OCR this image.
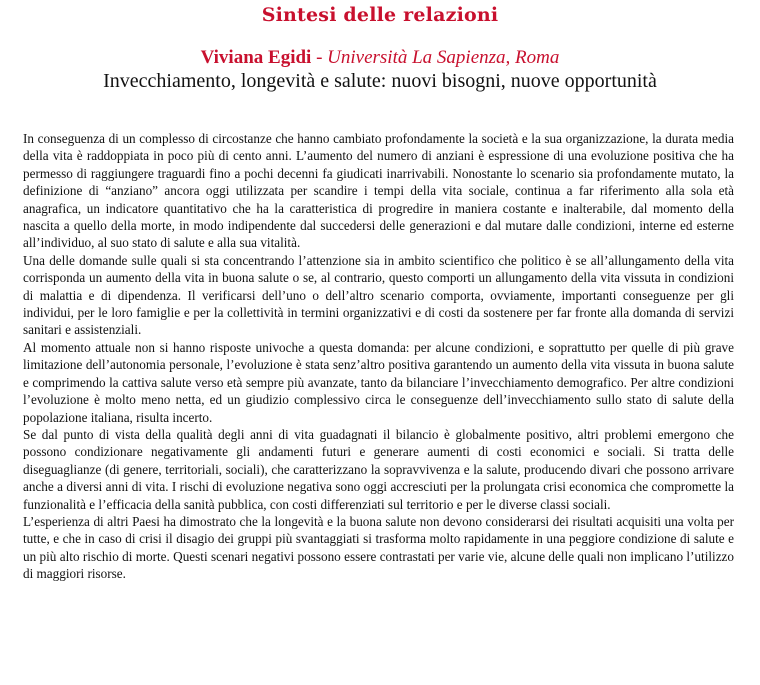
Sintesi delle relazioni
Viviana Egidi - Università La Sapienza, Roma
Invecchiamento, longevità e salute: nuovi bisogni, nuove opportunità

In conseguenza di un complesso di circostanze che hanno cambiato profondamente la società e la sua organizzazione, la durata media della vita è raddoppiata in poco più di cento anni. L’aumento del numero di anziani è espressione di una evoluzione positiva che ha permesso di raggiungere traguardi fino a pochi decenni fa giudicati inarrivabili. Nonostante lo scenario sia profondamente mutato, la definizione di “anziano” ancora oggi utilizzata per scandire i tempi della vita sociale, continua a far riferimento alla sola età anagrafica, un indicatore quantitativo che ha la caratteristica di progredire in maniera costante e inalterabile, dal momento della nascita a quello della morte, in modo indipendente dal succedersi delle generazioni e dal mutare dalle condizioni, interne ed esterne all’individuo, al suo stato di salute e alla sua vitalità.

Una delle domande sulle quali si sta concentrando l’attenzione sia in ambito scientifico che politico è se all’allungamento della vita corrisponda un aumento della vita in buona salute o se, al contrario, questo comporti un allungamento della vita vissuta in condizioni di malattia e di dipendenza. Il verificarsi dell’uno o dell’altro scenario comporta, ovviamente, importanti conseguenze per gli individui, per le loro famiglie e per la collettività in termini organizzativi e di costi da sostenere per far fronte alla domanda di servizi sanitari e assistenziali.

Al momento attuale non si hanno risposte univoche a questa domanda: per alcune condizioni, e soprattutto per quelle di più grave limitazione dell’autonomia personale, l’evoluzione è stata senz’altro positiva garantendo un aumento della vita vissuta in buona salute e comprimendo la cattiva salute verso età sempre più avanzate, tanto da bilanciare l’invecchiamento demografico. Per altre condizioni l’evoluzione è molto meno netta, ed un giudizio complessivo circa le conseguenze dell’invecchiamento sullo stato di salute della popolazione italiana, risulta incerto.

Se dal punto di vista della qualità degli anni di vita guadagnati il bilancio è globalmente positivo, altri problemi emergono che possono condizionare negativamente gli andamenti futuri e generare aumenti di costi economici e sociali. Si tratta delle diseguaglianze (di genere, territoriali, sociali), che caratterizzano la sopravvivenza e la salute, producendo divari che possono arrivare anche a diversi anni di vita. I rischi di evoluzione negativa sono oggi accresciuti per la prolungata crisi economica che compromette la funzionalità e l’efficacia della sanità pubblica, con costi differenziati sul territorio e per le diverse classi sociali.

L’esperienza di altri Paesi ha dimostrato che la longevità e la buona salute non devono considerarsi dei risultati acquisiti una volta per tutte, e che in caso di crisi il disagio dei gruppi più svantaggiati si trasforma molto rapidamente in una peggiore condizione di salute e un più alto rischio di morte. Questi scenari negativi possono essere contrastati per varie vie, alcune delle quali non implicano l’utilizzo di maggiori risorse.
